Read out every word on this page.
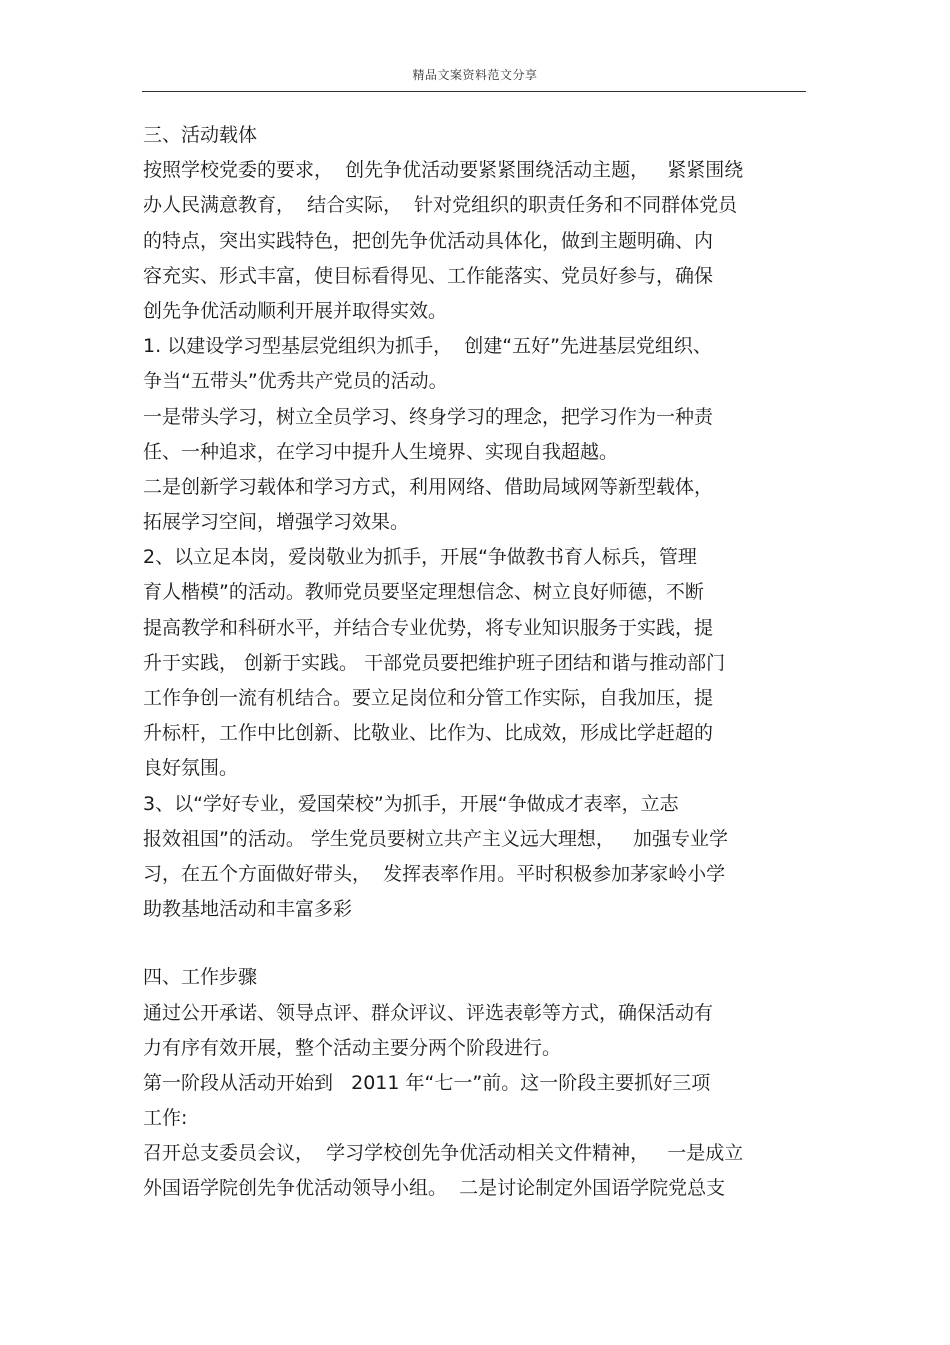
精品文案资料范文分享
三、活动载体
按照学校党委的要求，  创先争优活动要紧紧围绕活动主题，   紧紧围绕
办人民满意教育，  结合实际，  针对党组织的职责任务和不同群体党员
的特点，突出实践特色，把创先争优活动具体化，做到主题明确、内
容充实、形式丰富，使目标看得见、工作能落实、党员好参与，确保
创先争优活动顺利开展并取得实效。
1. 以建设学习型基层党组织为抓手，  创建“五好”先进基层党组织、
争当“五带头”优秀共产党员的活动。
一是带头学习，树立全员学习、终身学习的理念，把学习作为一种责
任、一种追求，在学习中提升人生境界、实现自我超越。
二是创新学习载体和学习方式，利用网络、借助局域网等新型载体，
拓展学习空间，增强学习效果。
2、以立足本岗，爱岗敬业为抓手，开展“争做教书育人标兵，管理
育人楷模”的活动。教师党员要坚定理想信念、树立良好师德，不断
提高教学和科研水平，并结合专业优势，将专业知识服务于实践，提
升于实践， 创新于实践。 干部党员要把维护班子团结和谐与推动部门
工作争创一流有机结合。要立足岗位和分管工作实际，自我加压，提
升标杆，工作中比创新、比敬业、比作为、比成效，形成比学赶超的
良好氛围。
3、以“学好专业，爱国荣校”为抓手，开展“争做成才表率，立志
报效祖国”的活动。 学生党员要树立共产主义远大理想，   加强专业学
习，在五个方面做好带头，  发挥表率作用。平时积极参加茅家岭小学
助教基地活动和丰富多彩
四、工作步骤
通过公开承诺、领导点评、群众评议、评选表彰等方式，确保活动有
力有序有效开展，整个活动主要分两个阶段进行。
第一阶段从活动开始到   2011 年“七一”前。这一阶段主要抓好三项
工作:
召开总支委员会议，  学习学校创先争优活动相关文件精神，   一是成立
外国语学院创先争优活动领导小组。  二是讨论制定外国语学院党总支
